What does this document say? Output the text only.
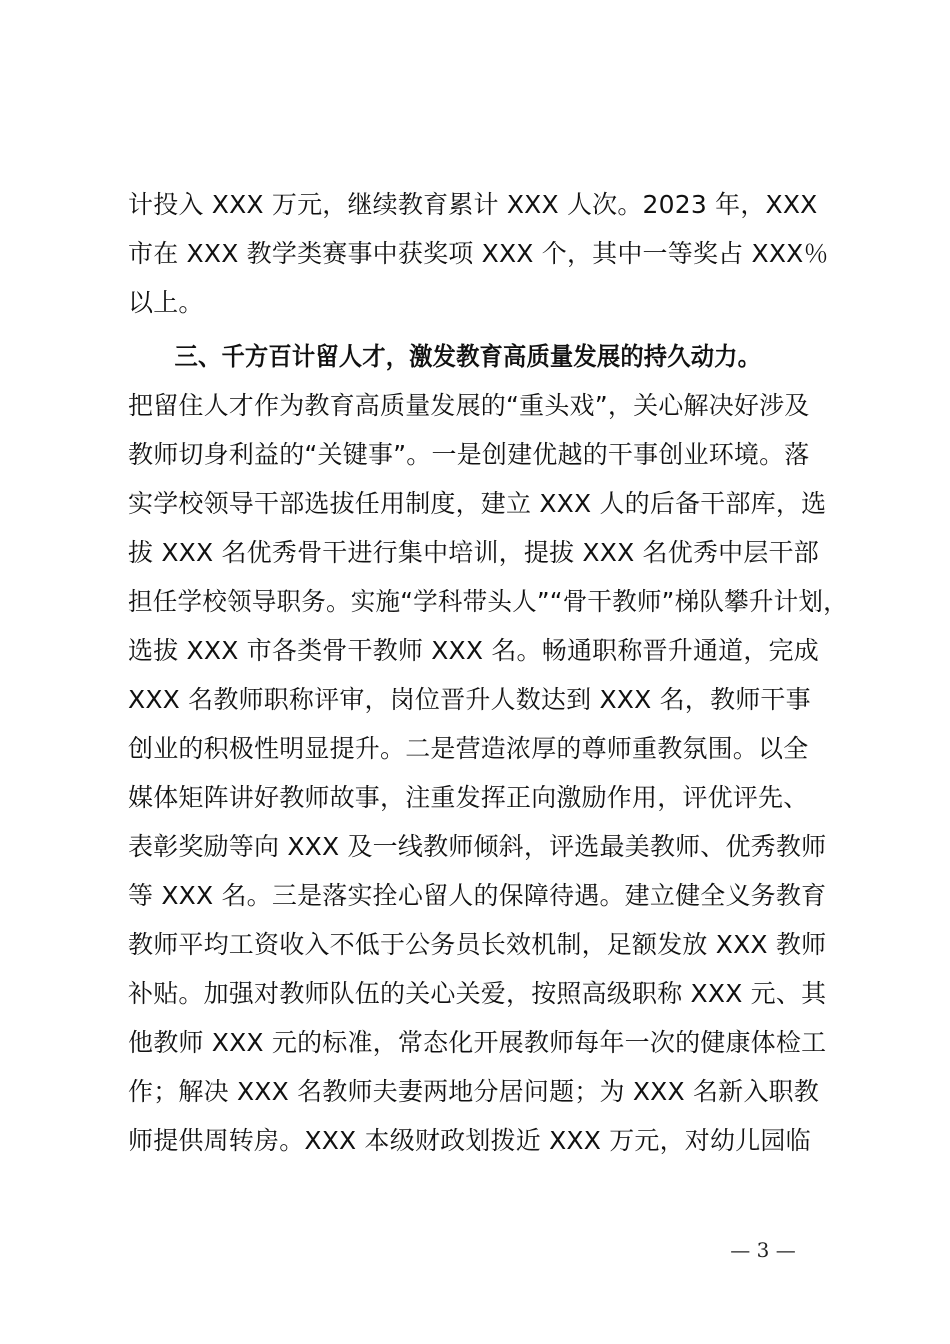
计投入 XXX 万元，继续教育累计 XXX 人次。2023 年，XXX
市在 XXX 教学类赛事中获奖项 XXX 个，其中一等奖占 XXX％
以上。
三、千方百计留人才，激发教育高质量发展的持久动力。
把留住人才作为教育高质量发展的“重头戏”，关心解决好涉及
教师切身利益的“关键事”。一是创建优越的干事创业环境。落
实学校领导干部选拔任用制度，建立 XXX 人的后备干部库，选
拔 XXX 名优秀骨干进行集中培训，提拔 XXX 名优秀中层干部
担任学校领导职务。实施“学科带头人”“骨干教师”梯队攀升计划，
选拔 XXX 市各类骨干教师 XXX 名。畅通职称晋升通道，完成
XXX 名教师职称评审，岗位晋升人数达到 XXX 名，教师干事
创业的积极性明显提升。二是营造浓厚的尊师重教氛围。以全
媒体矩阵讲好教师故事，注重发挥正向激励作用，评优评先、
表彰奖励等向 XXX 及一线教师倾斜，评选最美教师、优秀教师
等 XXX 名。三是落实拴心留人的保障待遇。建立健全义务教育
教师平均工资收入不低于公务员长效机制，足额发放 XXX 教师
补贴。加强对教师队伍的关心关爱，按照高级职称 XXX 元、其
他教师 XXX 元的标准，常态化开展教师每年一次的健康体检工
作；解决 XXX 名教师夫妻两地分居问题；为 XXX 名新入职教
师提供周转房。XXX 本级财政划拨近 XXX 万元，对幼儿园临
— 3 —
